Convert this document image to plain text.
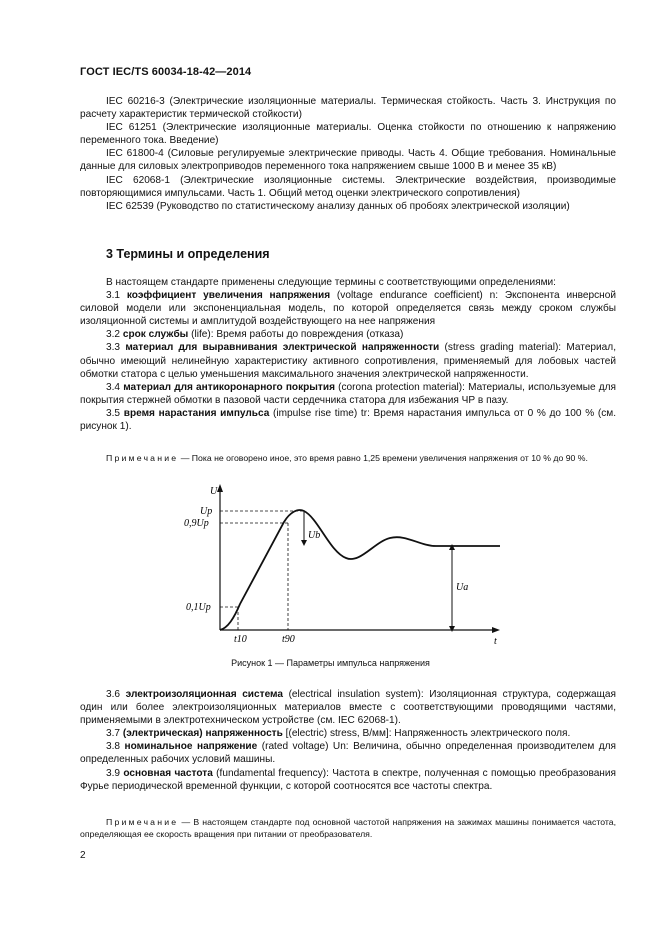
ГОСТ IEC/TS 60034-18-42—2014

IEC 60216-3 (Электрические изоляционные материалы. Термическая стойкость. Часть 3. Инструкция по расчету характеристик термической стойкости)

IEC 61251 (Электрические изоляционные материалы. Оценка стойкости по отношению к напряжению переменного тока. Введение)

IEC 61800-4 (Силовые регулируемые электрические приводы. Часть 4. Общие требования. Номинальные данные для силовых электроприводов переменного тока напряжением свыше 1000 В и менее 35 кВ)

IEC 62068-1 (Электрические изоляционные системы. Электрические воздействия, производимые повторяющимися импульсами. Часть 1. Общий метод оценки электрического сопротивления)

IEC 62539 (Руководство по статистическому анализу данных об пробоях электрической изоляции)

3 Термины и определения

В настоящем стандарте применены следующие термины с соответствующими определениями:

3.1 коэффициент увеличения напряжения (voltage endurance coefficient) n: Экспонента инверсной силовой модели или экспоненциальная модель, по которой определяется связь между сроком службы изоляционной системы и амплитудой воздействующего на нее напряжения

3.2 срок службы (life): Время работы до повреждения (отказа)

3.3 материал для выравнивания электрической напряженности (stress grading material): Материал, обычно имеющий нелинейную характеристику активного сопротивления, применяемый для лобовых частей обмотки статора с целью уменьшения максимального значения электрической напряженности.

3.4 материал для антикоронарного покрытия (corona protection material): Материалы, используемые для покрытия стержней обмотки в пазовой части сердечника статора для избежания ЧР в пазу.

3.5 время нарастания импульса (impulse rise time) tr: Время нарастания импульса от 0 % до 100 % (см. рисунок 1).

Примечание — Пока не оговорено иное, это время равно 1,25 времени увеличения напряжения от 10 % до 90 %.

U
t
Up
0,9Up
0,1Up
t10	t90
Ub
Ua
Рисунок 1 — Параметры импульса напряжения

3.6 электроизоляционная система (electrical insulation system): Изоляционная структура, содержащая один или более электроизоляционных материалов вместе с соответствующими проводящими частями, применяемыми в электротехническом устройстве (см. IEC 62068-1).

3.7 (электрическая) напряженность [(electric) stress, В/мм]: Напряженность электрического поля.

3.8 номинальное напряжение (rated voltage) Un: Величина, обычно определенная производителем для определенных рабочих условий машины.

3.9 основная частота (fundamental frequency): Частота в спектре, полученная с помощью преобразования Фурье периодической временной функции, с которой соотносятся все частоты спектра.

Примечание — В настоящем стандарте под основной частотой напряжения на зажимах машины понимается частота, определяющая ее скорость вращения при питании от преобразователя.

2
